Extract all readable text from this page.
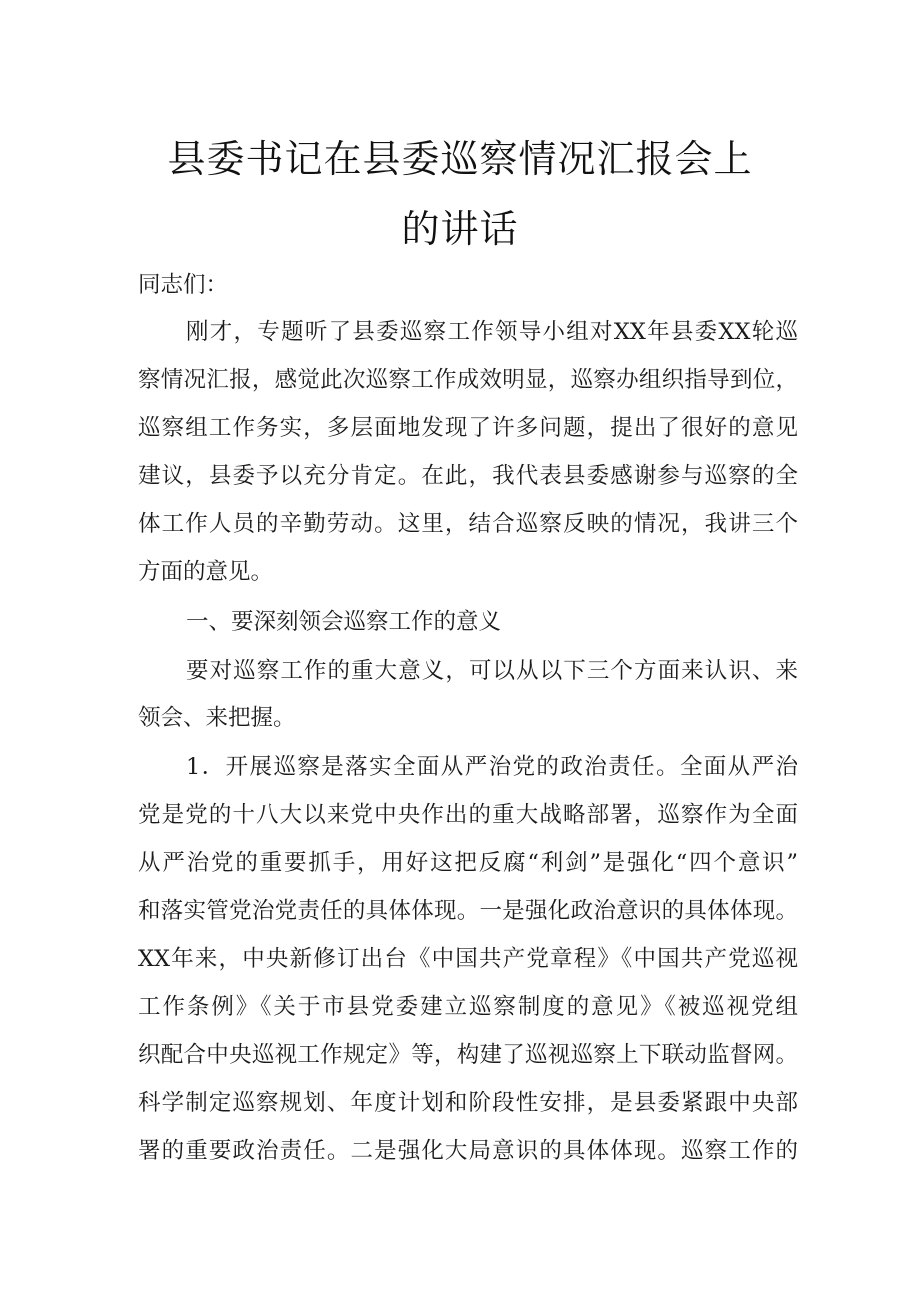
县委书记在县委巡察情况汇报会上
的讲话
同志们：
刚才，专题听了县委巡察工作领导小组对XX年县委XX轮巡
察情况汇报，感觉此次巡察工作成效明显，巡察办组织指导到位，
巡察组工作务实，多层面地发现了许多问题，提出了很好的意见
建议，县委予以充分肯定。在此，我代表县委感谢参与巡察的全
体工作人员的辛勤劳动。这里，结合巡察反映的情况，我讲三个
方面的意见。
一、要深刻领会巡察工作的意义
要对巡察工作的重大意义，可以从以下三个方面来认识、来
领会、来把握。
1．开展巡察是落实全面从严治党的政治责任。全面从严治
党是党的十八大以来党中央作出的重大战略部署，巡察作为全面
从严治党的重要抓手，用好这把反腐“利剑”是强化“四个意识”
和落实管党治党责任的具体体现。一是强化政治意识的具体体现。
XX年来，中央新修订出台《中国共产党章程》《中国共产党巡视
工作条例》《关于市县党委建立巡察制度的意见》《被巡视党组
织配合中央巡视工作规定》等，构建了巡视巡察上下联动监督网。
科学制定巡察规划、年度计划和阶段性安排，是县委紧跟中央部
署的重要政治责任。二是强化大局意识的具体体现。巡察工作的
